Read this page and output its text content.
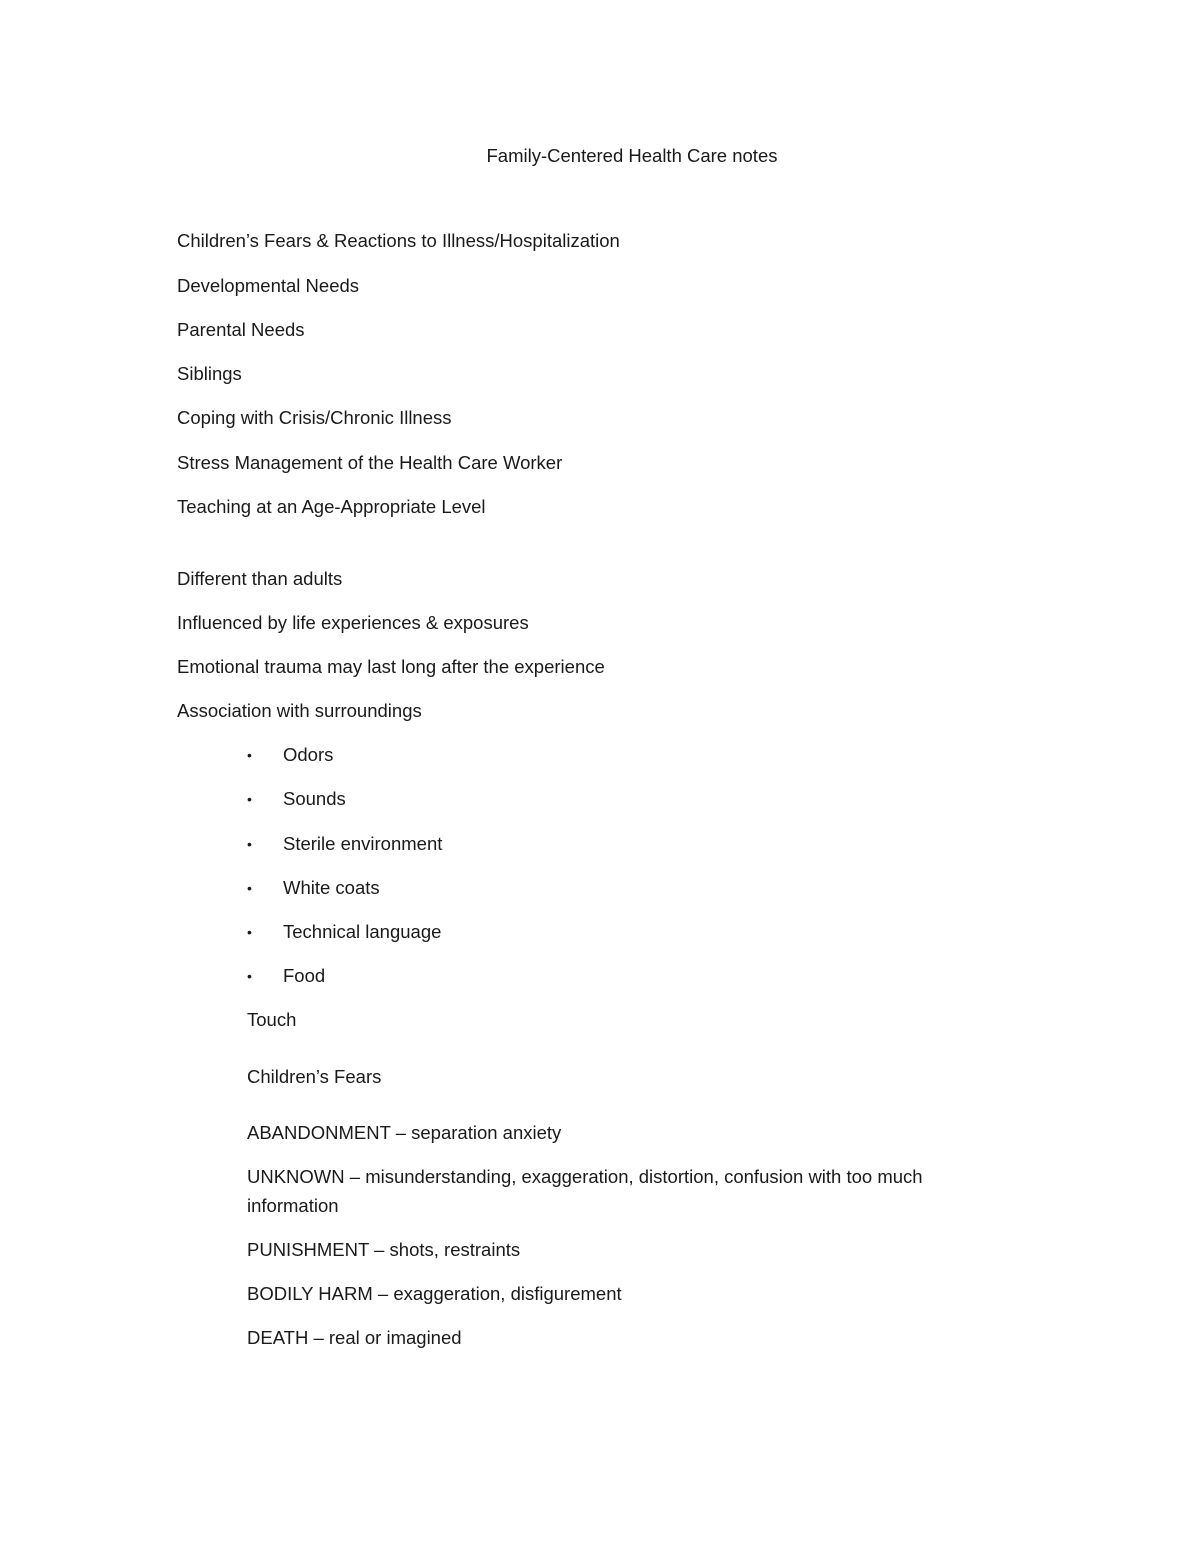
Family-Centered Health Care notes
Children’s Fears & Reactions to Illness/Hospitalization
Developmental Needs
Parental Needs
Siblings
Coping with Crisis/Chronic Illness
Stress Management of the Health Care Worker
Teaching at an Age-Appropriate Level
Different than adults
Influenced by life experiences & exposures
Emotional trauma may last long after the experience
Association with surroundings
• Odors
• Sounds
• Sterile environment
• White coats
• Technical language
• Food
Touch
Children’s Fears
ABANDONMENT – separation anxiety
UNKNOWN – misunderstanding, exaggeration, distortion, confusion with too much information
PUNISHMENT – shots, restraints
BODILY HARM – exaggeration, disfigurement
DEATH – real or imagined
